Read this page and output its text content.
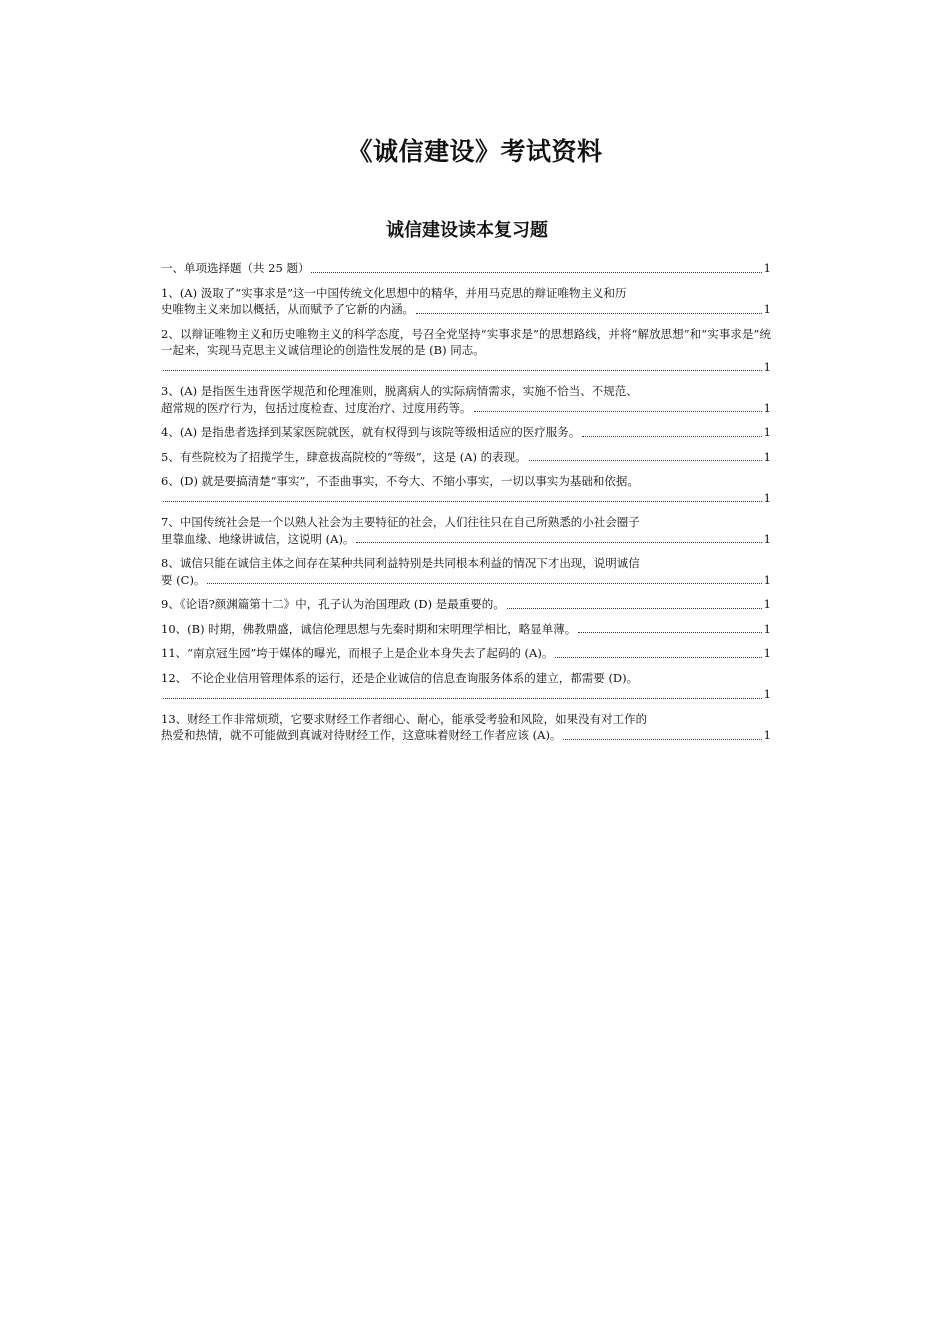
《诚信建设》考试资料
诚信建设读本复习题
一、单项选择题（共 25 题）	1
1、(A) 汲取了“实事求是”这一中国传统文化思想中的精华，并用马克思的辩证唯物主义和历
史唯物主义来加以概括，从而赋予了它新的内涵。	1
2、以辩证唯物主义和历史唯物主义的科学态度，号召全党坚持“实事求是”的思想路线，并将“解放思想”和“实事求是”统一起来，实现马克思主义诚信理论的创造性发展的是 (B) 同志。
1
3、(A) 是指医生违背医学规范和伦理准则，脱离病人的实际病情需求，实施不恰当、不规范、
超常规的医疗行为，包括过度检查、过度治疗、过度用药等。	1
4、(A) 是指患者选择到某家医院就医，就有权得到与该院等级相适应的医疗服务。	1
5、有些院校为了招揽学生，肆意拔高院校的“等级”，这是 (A) 的表现。	1
6、(D) 就是要搞清楚“事实”，不歪曲事实，不夸大、不缩小事实，一切以事实为基础和依据。
1
7、中国传统社会是一个以熟人社会为主要特征的社会，人们往往只在自己所熟悉的小社会圈子
里靠血缘、地缘讲诚信，这说明 (A)。	1
8、诚信只能在诚信主体之间存在某种共同利益特别是共同根本利益的情况下才出现，说明诚信
要 (C)。	1
9、《论语?颜渊篇第十二》中，孔子认为治国理政 (D) 是最重要的。	1
10、(B) 时期，佛教鼎盛，诚信伦理思想与先秦时期和宋明理学相比，略显单薄。	1
11、“南京冠生园”垮于媒体的曝光，而根子上是企业本身失去了起码的 (A)。	1
12、 不论企业信用管理体系的运行，还是企业诚信的信息查询服务体系的建立，都需要 (D)。
1
13、财经工作非常烦琐，它要求财经工作者细心、耐心，能承受考验和风险，如果没有对工作的
热爱和热情，就不可能做到真诚对待财经工作，这意味着财经工作者应该 (A)。	1
